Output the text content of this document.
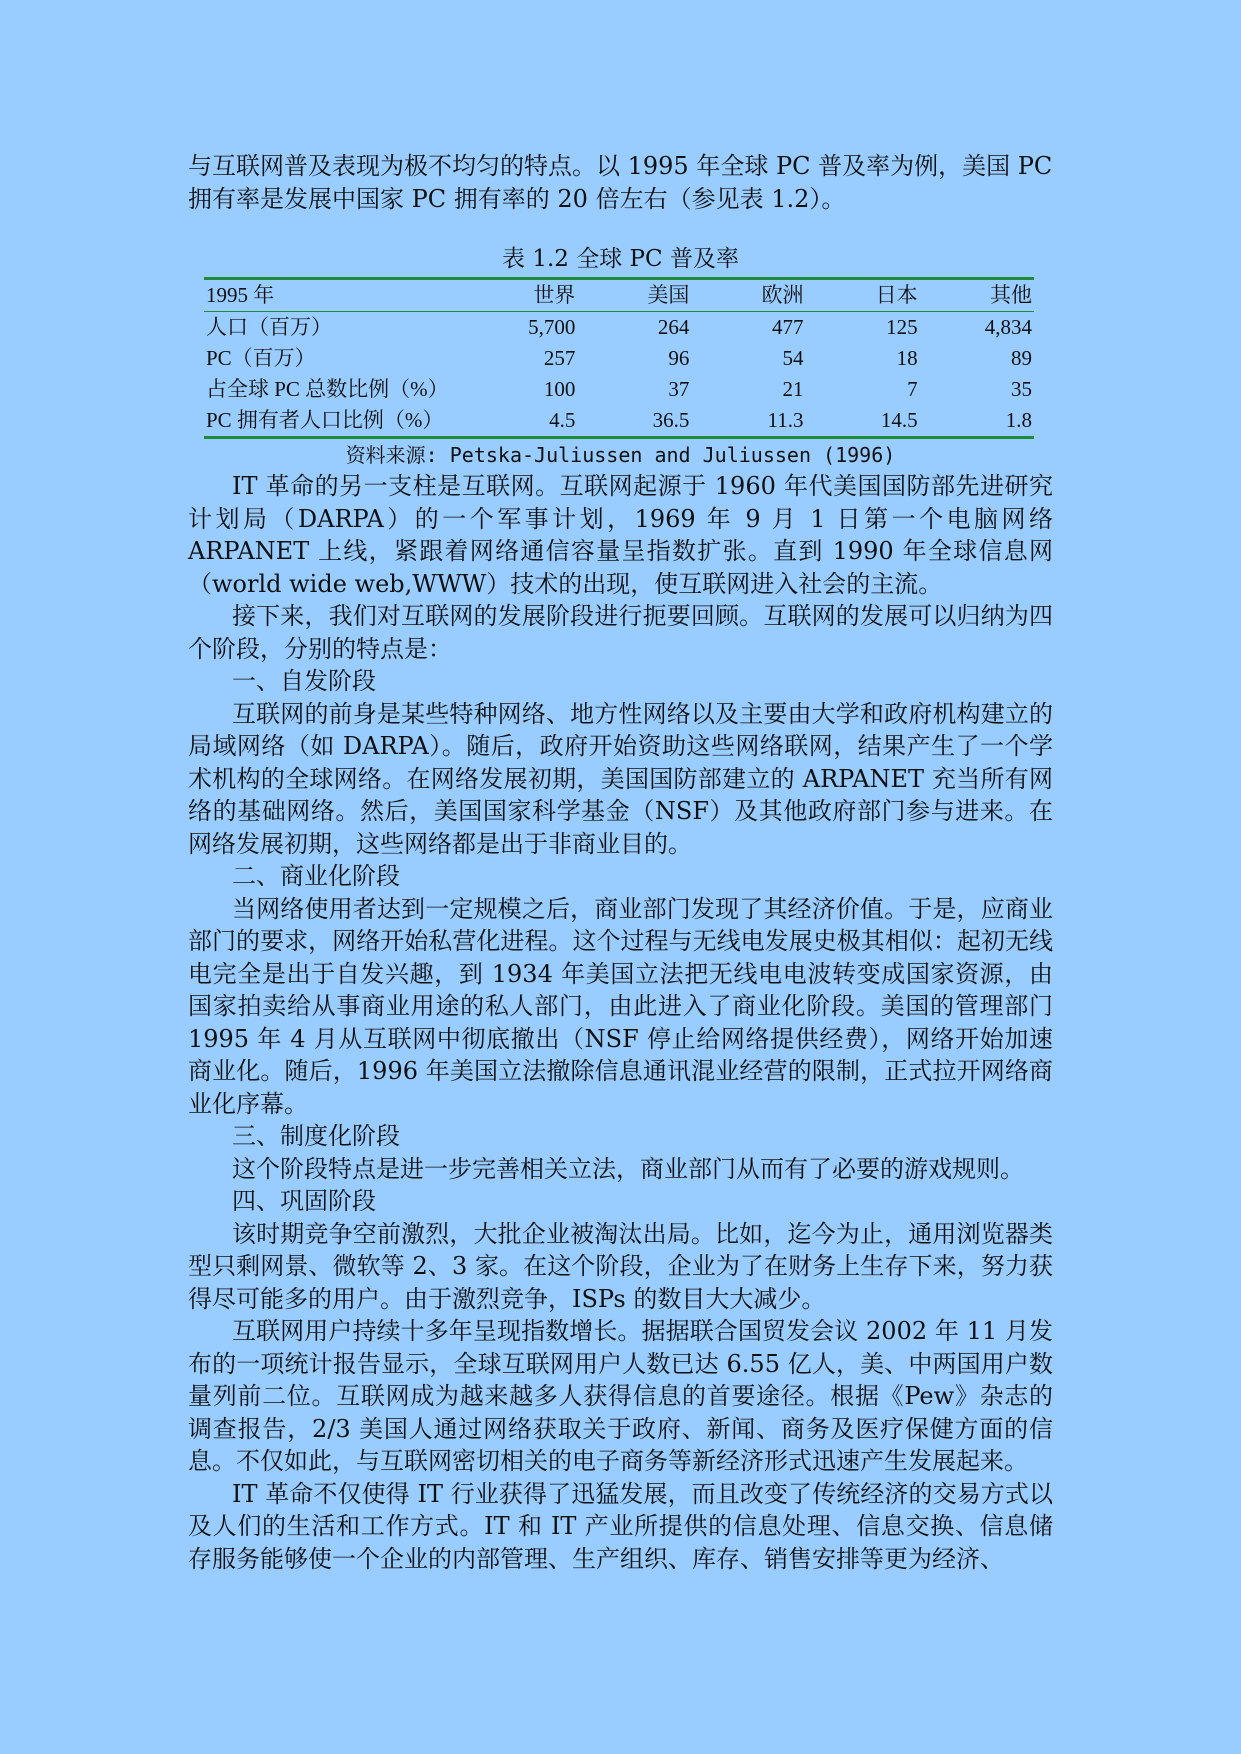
与互联网普及表现为极不均匀的特点。以 1995 年全球 PC 普及率为例，美国 PC

拥有率是发展中国家 PC 拥有率的 20 倍左右（参见表 1.2）。

表 1.2 全球 PC 普及率
1995 年	世界	美国	欧洲	日本	其他
人口（百万）	5,700	264	477	125	4,834
PC（百万）	257	96	54	18	89
占全球 PC 总数比例（%）	100	37	21	7	35
PC 拥有者人口比例（%）	4.5	36.5	11.3	14.5	1.8
资料来源: Petska-Juliussen and Juliussen (1996)

IT 革命的另一支柱是互联网。互联网起源于 1960 年代美国国防部先进研究计划局（DARPA）的一个军事计划，1969 年 9 月 1 日第一个电脑网络 ARPANET 上线，紧跟着网络通信容量呈指数扩张。直到 1990 年全球信息网（world wide web,WWW）技术的出现，使互联网进入社会的主流。

接下来，我们对互联网的发展阶段进行扼要回顾。互联网的发展可以归纳为四个阶段，分别的特点是：

一、自发阶段

互联网的前身是某些特种网络、地方性网络以及主要由大学和政府机构建立的局域网络（如 DARPA）。随后，政府开始资助这些网络联网，结果产生了一个学术机构的全球网络。在网络发展初期，美国国防部建立的 ARPANET 充当所有网络的基础网络。然后，美国国家科学基金（NSF）及其他政府部门参与进来。在网络发展初期，这些网络都是出于非商业目的。

二、商业化阶段

当网络使用者达到一定规模之后，商业部门发现了其经济价值。于是，应商业部门的要求，网络开始私营化进程。这个过程与无线电发展史极其相似：起初无线电完全是出于自发兴趣，到 1934 年美国立法把无线电电波转变成国家资源，由国家拍卖给从事商业用途的私人部门，由此进入了商业化阶段。美国的管理部门 1995 年 4 月从互联网中彻底撤出（NSF 停止给网络提供经费），网络开始加速商业化。随后，1996 年美国立法撤除信息通讯混业经营的限制，正式拉开网络商业化序幕。

三、制度化阶段

这个阶段特点是进一步完善相关立法，商业部门从而有了必要的游戏规则。

四、巩固阶段

该时期竞争空前激烈，大批企业被淘汰出局。比如，迄今为止，通用浏览器类型只剩网景、微软等 2、3 家。在这个阶段，企业为了在财务上生存下来，努力获得尽可能多的用户。由于激烈竞争，ISPs 的数目大大减少。

互联网用户持续十多年呈现指数增长。据据联合国贸发会议 2002 年 11 月发布的一项统计报告显示，全球互联网用户人数已达 6.55 亿人，美、中两国用户数量列前二位。互联网成为越来越多人获得信息的首要途径。根据《Pew》杂志的调查报告，2/3 美国人通过网络获取关于政府、新闻、商务及医疗保健方面的信息。不仅如此，与互联网密切相关的电子商务等新经济形式迅速产生发展起来。

IT 革命不仅使得 IT 行业获得了迅猛发展，而且改变了传统经济的交易方式以及人们的生活和工作方式。IT 和 IT 产业所提供的信息处理、信息交换、信息储存服务能够使一个企业的内部管理、生产组织、库存、销售安排等更为经济、
